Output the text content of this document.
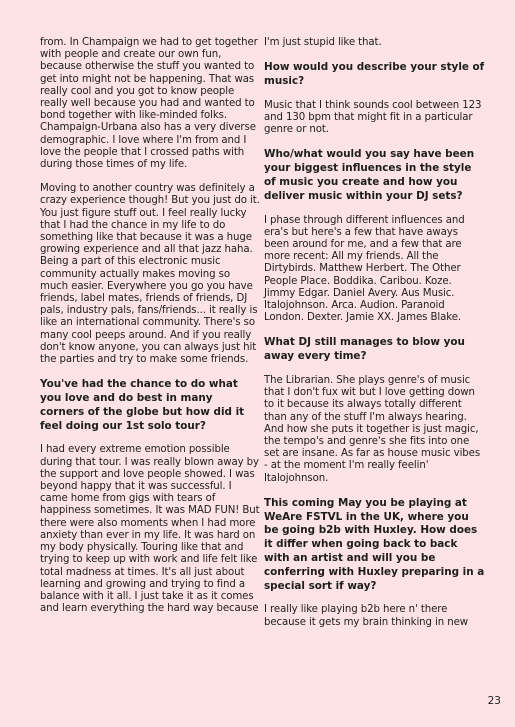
from. In Champaign we had to get together with people and create our own fun, because otherwise the stuff you wanted to get into might not be happening. That was really cool and you got to know people really well because you had and wanted to bond together with like-minded folks. Champaign-Urbana also has a very diverse demographic. I love where I'm from and I love the people that I crossed paths with during those times of my life.

Moving to another country was definitely a crazy experience though! But you just do it. You just figure stuff out. I feel really lucky that I had the chance in my life to do something like that because it was a huge growing experience and all that jazz haha. Being a part of this electronic music community actually makes moving so much easier. Everywhere you go you have friends, label mates, friends of friends, DJ pals, industry pals, fans/friends... it really is like an international community. There's so many cool peeps around. And if you really don't know anyone, you can always just hit the parties and try to make some friends.

You've had the chance to do what you love and do best in many corners of the globe but how did it feel doing our 1st solo tour?

I had every extreme emotion possible during that tour. I was really blown away by the support and love people showed. I was beyond happy that it was successful. I came home from gigs with tears of happiness sometimes. It was MAD FUN! But there were also moments when I had more anxiety than ever in my life. It was hard on my body physically. Touring like that and trying to keep up with work and life felt like total madness at times. It's all just about learning and growing and trying to find a balance with it all. I just take it as it comes and learn everything the hard way because

I'm just stupid like that.

How would you describe your style of music?

Music that I think sounds cool between 123 and 130 bpm that might fit in a particular genre or not.

Who/what would you say have been your biggest influences in the style of music you create and how you deliver music within your DJ sets?

I phase through different influences and era's but here's a few that have aways been around for me, and a few that are more recent: All my friends. All the Dirtybirds. Matthew Herbert. The Other People Place. Boddika. Caribou. Koze. Jimmy Edgar. Daniel Avery. Aus Music. Italojohnson. Arca. Audion. Paranoid London. Dexter. Jamie XX. James Blake.

What DJ still manages to blow you away every time?

The Librarian. She plays genre's of music that I don't fux wit but I love getting down to it because its always totally different than any of the stuff I'm always hearing. And how she puts it together is just magic, the tempo's and genre's she fits into one set are insane. As far as house music vibes - at the moment I'm really feelin' Italojohnson.

This coming May you be playing at WeAre FSTVL in the UK, where you be going b2b with Huxley. How does it differ when going back to back with an artist and will you be conferring with Huxley preparing in a special sort if way?

I really like playing b2b here n' there because it gets my brain thinking in new

23
